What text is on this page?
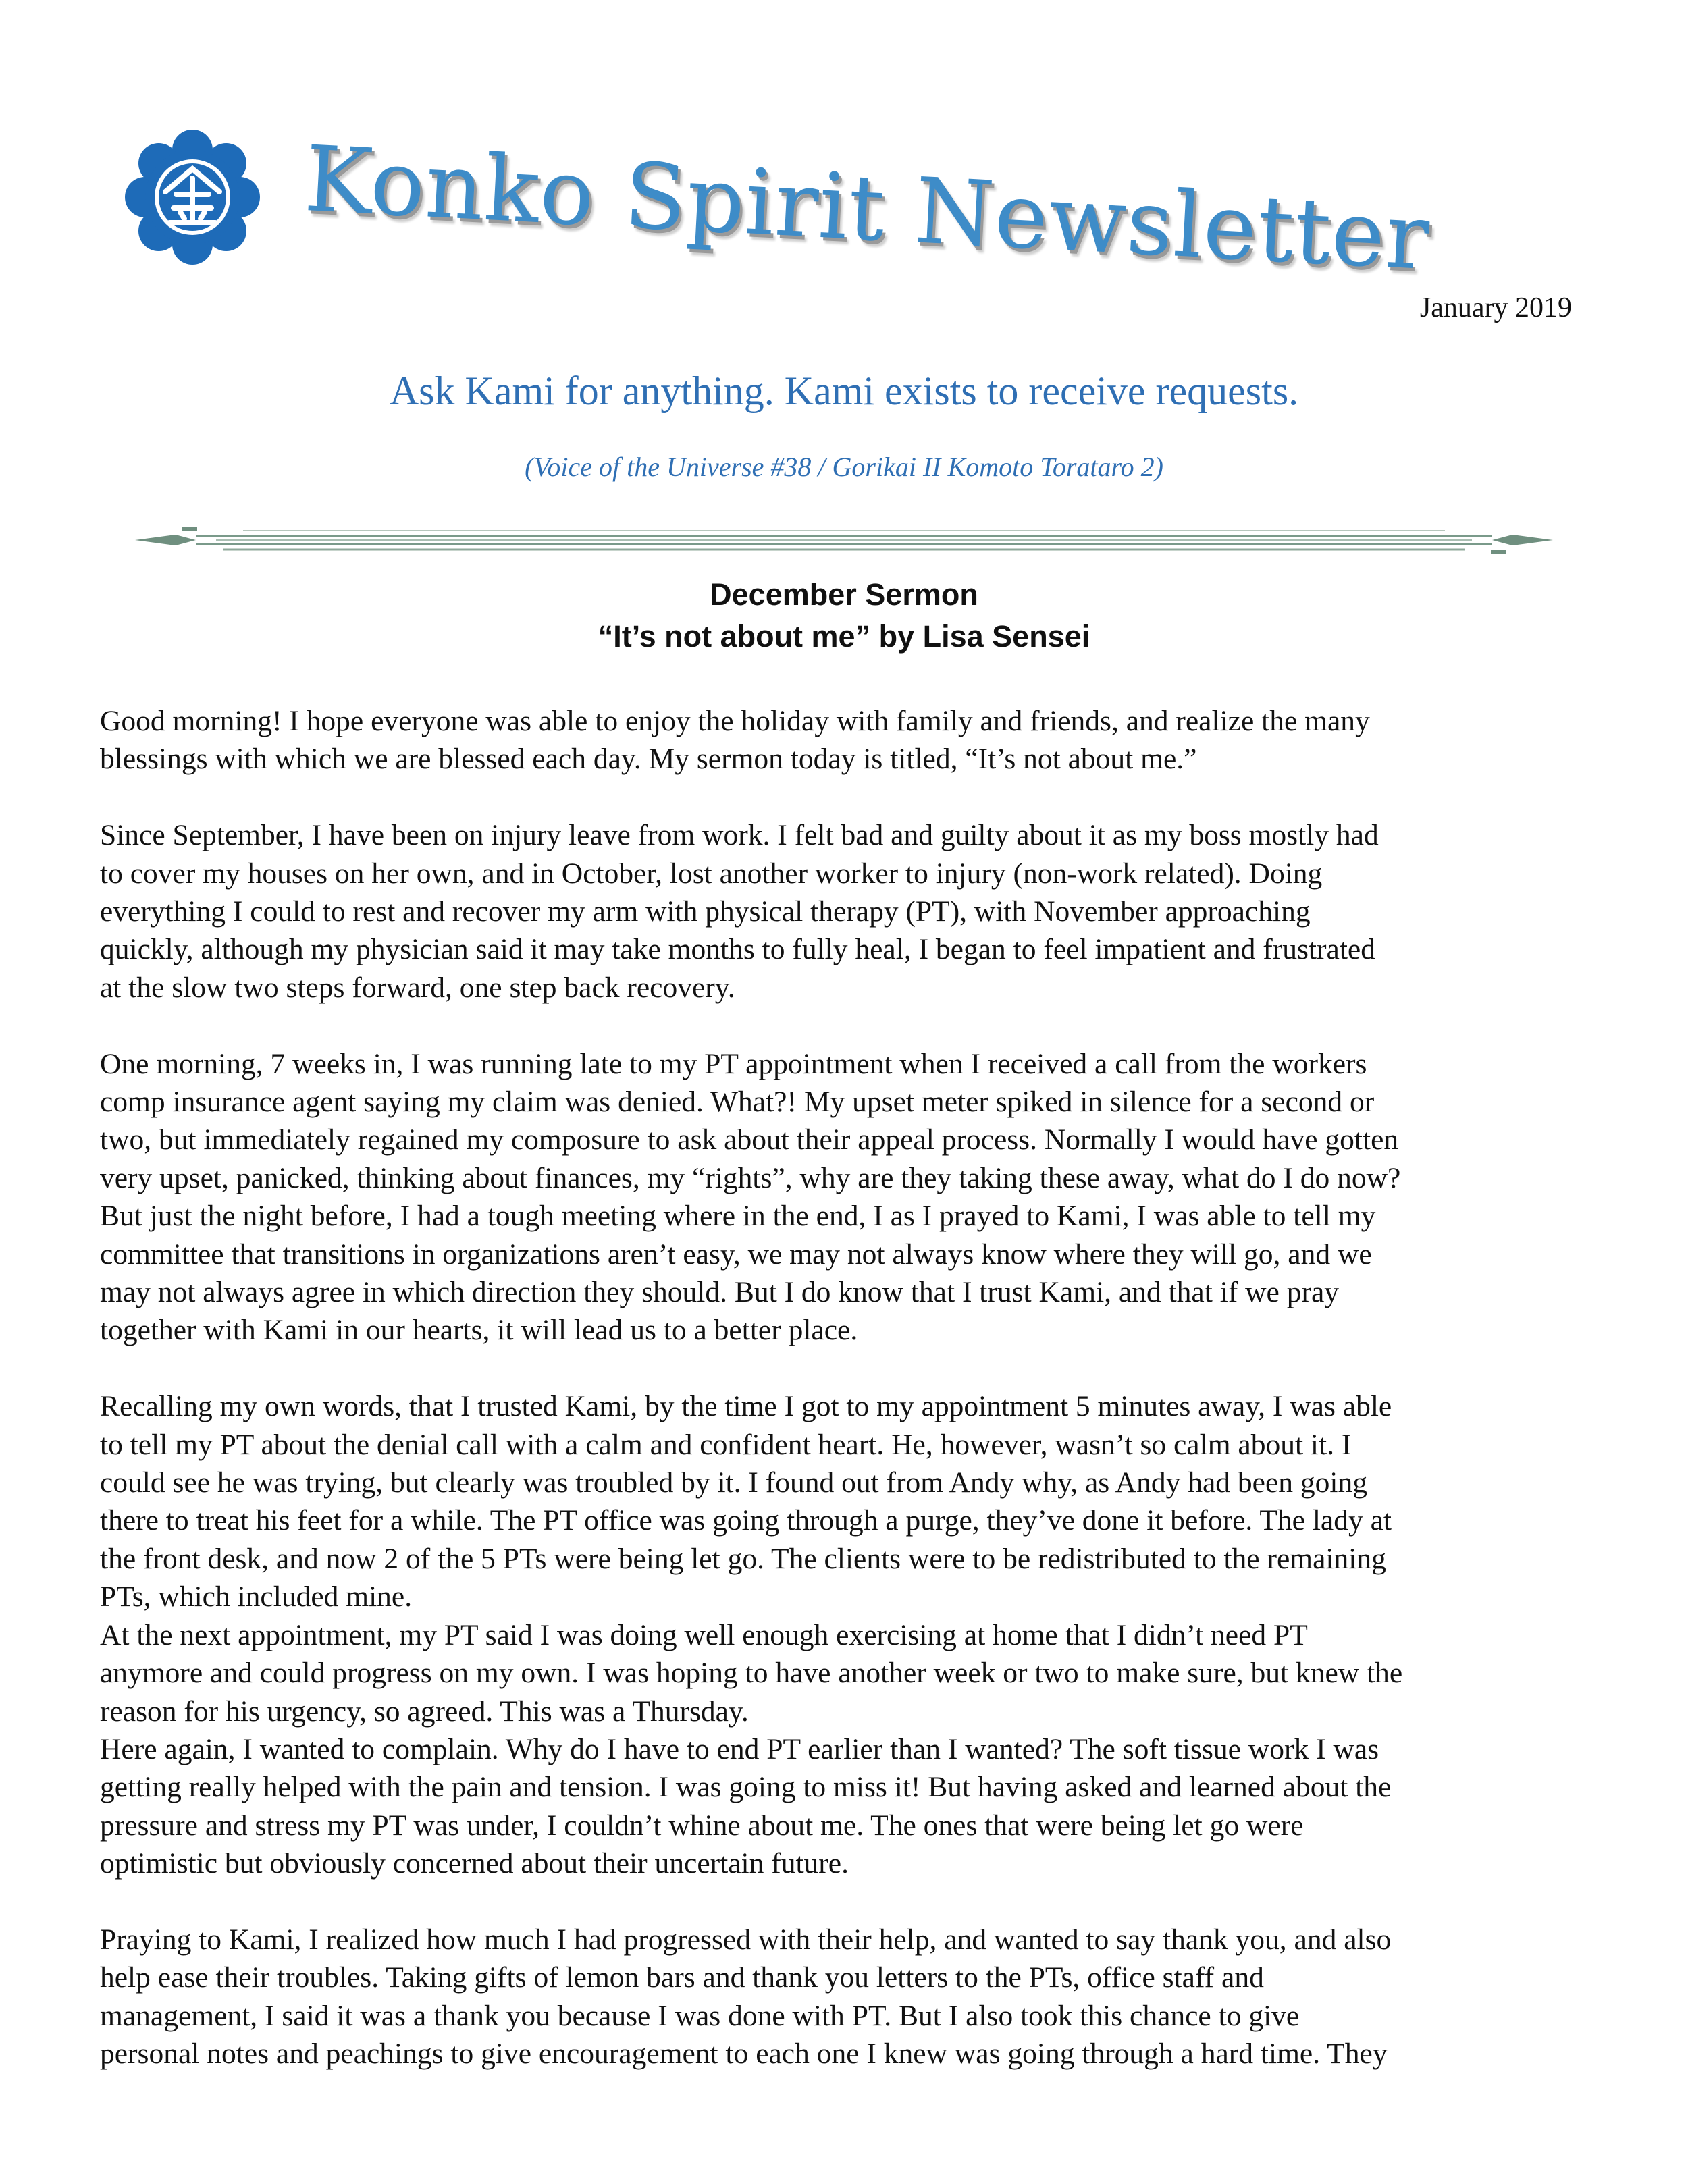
Konko Spirit Newsletter
January 2019
Ask Kami for anything. Kami exists to receive requests.
(Voice of the Universe #38 / Gorikai II Komoto Torataro 2)
December Sermon
“It’s not about me” by Lisa Sensei

Good morning! I hope everyone was able to enjoy the holiday with family and friends, and realize the many

blessings with which we are blessed each day. My sermon today is titled, “It’s not about me.”

Since September, I have been on injury leave from work. I felt bad and guilty about it as my boss mostly had

to cover my houses on her own, and in October, lost another worker to injury (non-work related). Doing

everything I could to rest and recover my arm with physical therapy (PT), with November approaching

quickly, although my physician said it may take months to fully heal, I began to feel impatient and frustrated

at the slow two steps forward, one step back recovery.

One morning, 7 weeks in, I was running late to my PT appointment when I received a call from the workers

comp insurance agent saying my claim was denied. What?! My upset meter spiked in silence for a second or

two, but immediately regained my composure to ask about their appeal process. Normally I would have gotten

very upset, panicked, thinking about finances, my “rights”, why are they taking these away, what do I do now?

But just the night before, I had a tough meeting where in the end, I as I prayed to Kami, I was able to tell my

committee that transitions in organizations aren’t easy, we may not always know where they will go, and we

may not always agree in which direction they should. But I do know that I trust Kami, and that if we pray

together with Kami in our hearts, it will lead us to a better place.

Recalling my own words, that I trusted Kami, by the time I got to my appointment 5 minutes away, I was able

to tell my PT about the denial call with a calm and confident heart. He, however, wasn’t so calm about it. I

could see he was trying, but clearly was troubled by it. I found out from Andy why, as Andy had been going

there to treat his feet for a while. The PT office was going through a purge, they’ve done it before. The lady at

the front desk, and now 2 of the 5 PTs were being let go. The clients were to be redistributed to the remaining

PTs, which included mine.

At the next appointment, my PT said I was doing well enough exercising at home that I didn’t need PT

anymore and could progress on my own. I was hoping to have another week or two to make sure, but knew the

reason for his urgency, so agreed. This was a Thursday.

Here again, I wanted to complain. Why do I have to end PT earlier than I wanted? The soft tissue work I was

getting really helped with the pain and tension. I was going to miss it! But having asked and learned about the

pressure and stress my PT was under, I couldn’t whine about me. The ones that were being let go were

optimistic but obviously concerned about their uncertain future.

Praying to Kami, I realized how much I had progressed with their help, and wanted to say thank you, and also

help ease their troubles. Taking gifts of lemon bars and thank you letters to the PTs, office staff and

management, I said it was a thank you because I was done with PT. But I also took this chance to give

personal notes and peachings to give encouragement to each one I knew was going through a hard time. They
